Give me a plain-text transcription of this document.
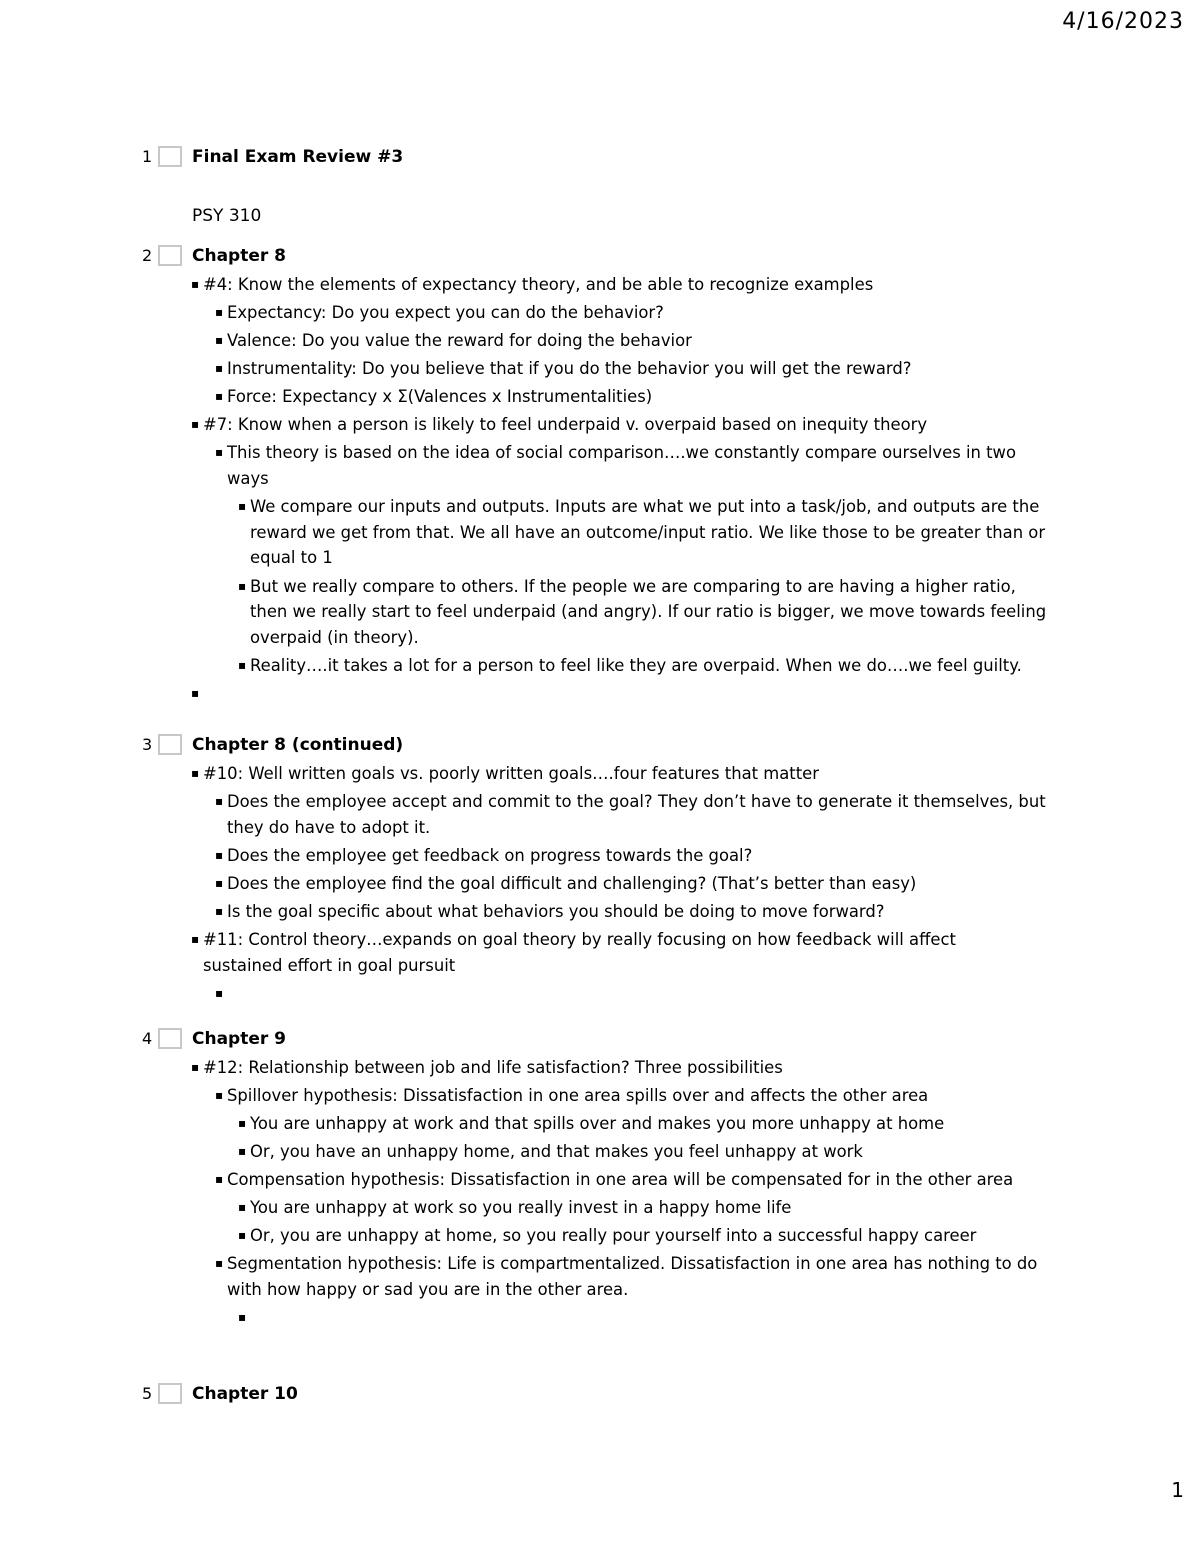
4/16/2023
1 Final Exam Review #3
PSY 310
2 Chapter 8
▪ #4: Know the elements of expectancy theory, and be able to recognize examples
▪ Expectancy: Do you expect you can do the behavior?
▪ Valence: Do you value the reward for doing the behavior
▪ Instrumentality: Do you believe that if you do the behavior you will get the reward?
▪ Force: Expectancy x Σ(Valences x Instrumentalities)
▪ #7: Know when a person is likely to feel underpaid v. overpaid based on inequity theory
▪ This theory is based on the idea of social comparison….we constantly compare ourselves in two ways
▪ We compare our inputs and outputs. Inputs are what we put into a task/job, and outputs are the reward we get from that. We all have an outcome/input ratio. We like those to be greater than or equal to 1
▪ But we really compare to others. If the people we are comparing to are having a higher ratio, then we really start to feel underpaid (and angry). If our ratio is bigger, we move towards feeling overpaid (in theory).
▪ Reality….it takes a lot for a person to feel like they are overpaid. When we do….we feel guilty.
▪
3 Chapter 8 (continued)
▪ #10: Well written goals vs. poorly written goals….four features that matter
▪ Does the employee accept and commit to the goal? They don’t have to generate it themselves, but they do have to adopt it.
▪ Does the employee get feedback on progress towards the goal?
▪ Does the employee find the goal difficult and challenging? (That’s better than easy)
▪ Is the goal specific about what behaviors you should be doing to move forward?
▪ #11: Control theory…expands on goal theory by really focusing on how feedback will affect sustained effort in goal pursuit
▪
4 Chapter 9
▪ #12: Relationship between job and life satisfaction? Three possibilities
▪ Spillover hypothesis: Dissatisfaction in one area spills over and affects the other area
▪ You are unhappy at work and that spills over and makes you more unhappy at home
▪ Or, you have an unhappy home, and that makes you feel unhappy at work
▪ Compensation hypothesis: Dissatisfaction in one area will be compensated for in the other area
▪ You are unhappy at work so you really invest in a happy home life
▪ Or, you are unhappy at home, so you really pour yourself into a successful happy career
▪ Segmentation hypothesis: Life is compartmentalized. Dissatisfaction in one area has nothing to do with how happy or sad you are in the other area.
▪
5 Chapter 10
1
